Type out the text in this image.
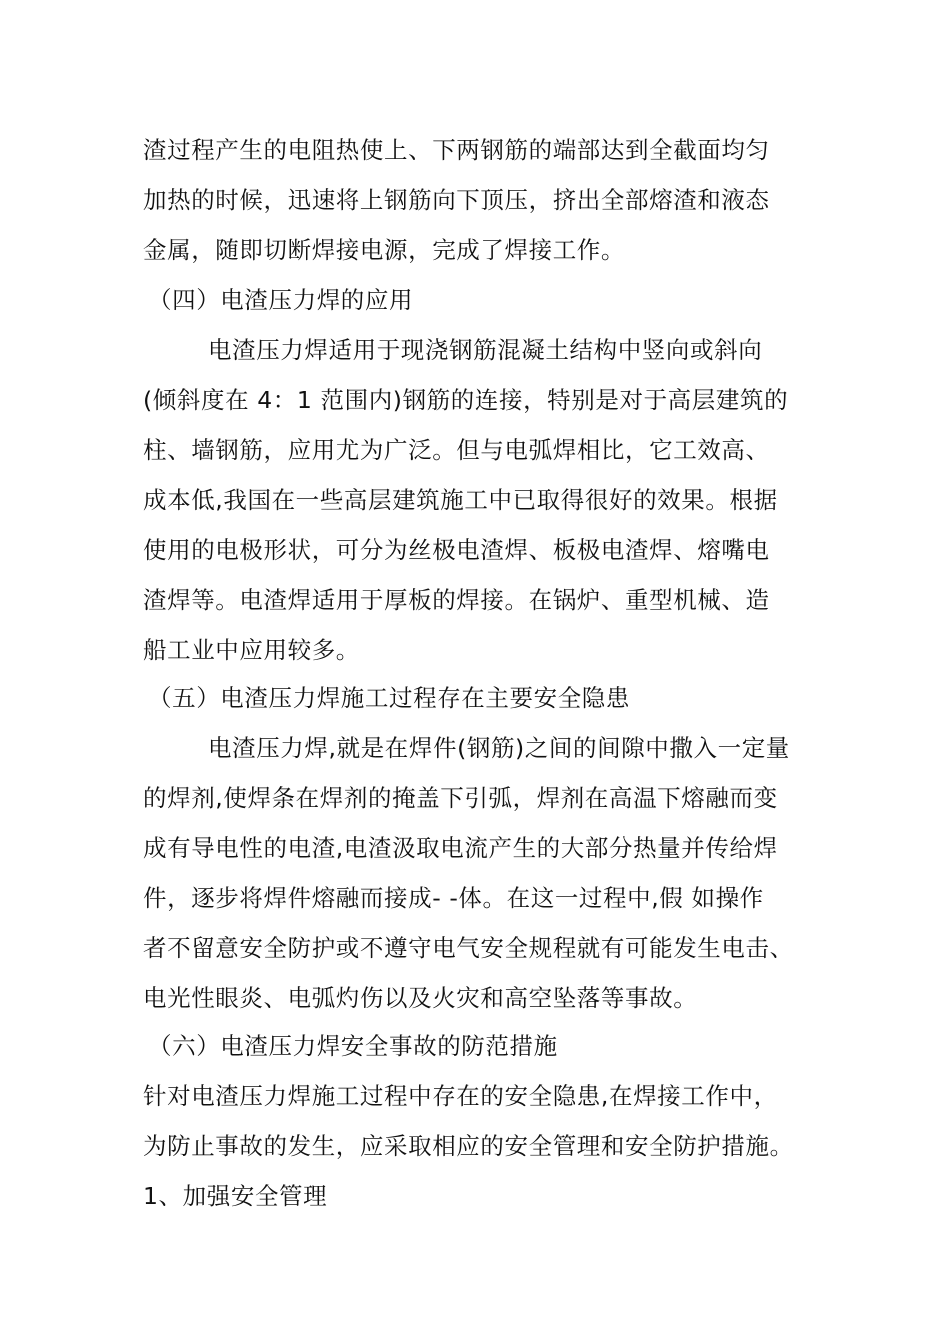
渣过程产生的电阻热使上、下两钢筋的端部达到全截面均匀
加热的时候，迅速将上钢筋向下顶压，挤出全部熔渣和液态
金属，随即切断焊接电源，完成了焊接工作。
（四）电渣压力焊的应用
电渣压力焊适用于现浇钢筋混凝土结构中竖向或斜向
(倾斜度在 4：1 范围内)钢筋的连接，特别是对于高层建筑的
柱、墙钢筋，应用尤为广泛。但与电弧焊相比，它工效高、
成本低,我国在一些高层建筑施工中已取得很好的效果。根据
使用的电极形状，可分为丝极电渣焊、板极电渣焊、熔嘴电
渣焊等。电渣焊适用于厚板的焊接。在锅炉、重型机械、造
船工业中应用较多。
（五）电渣压力焊施工过程存在主要安全隐患
电渣压力焊,就是在焊件(钢筋)之间的间隙中撒入一定量
的焊剂,使焊条在焊剂的掩盖下引弧，焊剂在高温下熔融而变
成有导电性的电渣,电渣汲取电流产生的大部分热量并传给焊
件，逐步将焊件熔融而接成- -体。在这一过程中,假 如操作
者不留意安全防护或不遵守电气安全规程就有可能发生电击、
电光性眼炎、电弧灼伤以及火灾和高空坠落等事故。
（六）电渣压力焊安全事故的防范措施
针对电渣压力焊施工过程中存在的安全隐患,在焊接工作中，
为防止事故的发生，应采取相应的安全管理和安全防护措施。
1、加强安全管理
